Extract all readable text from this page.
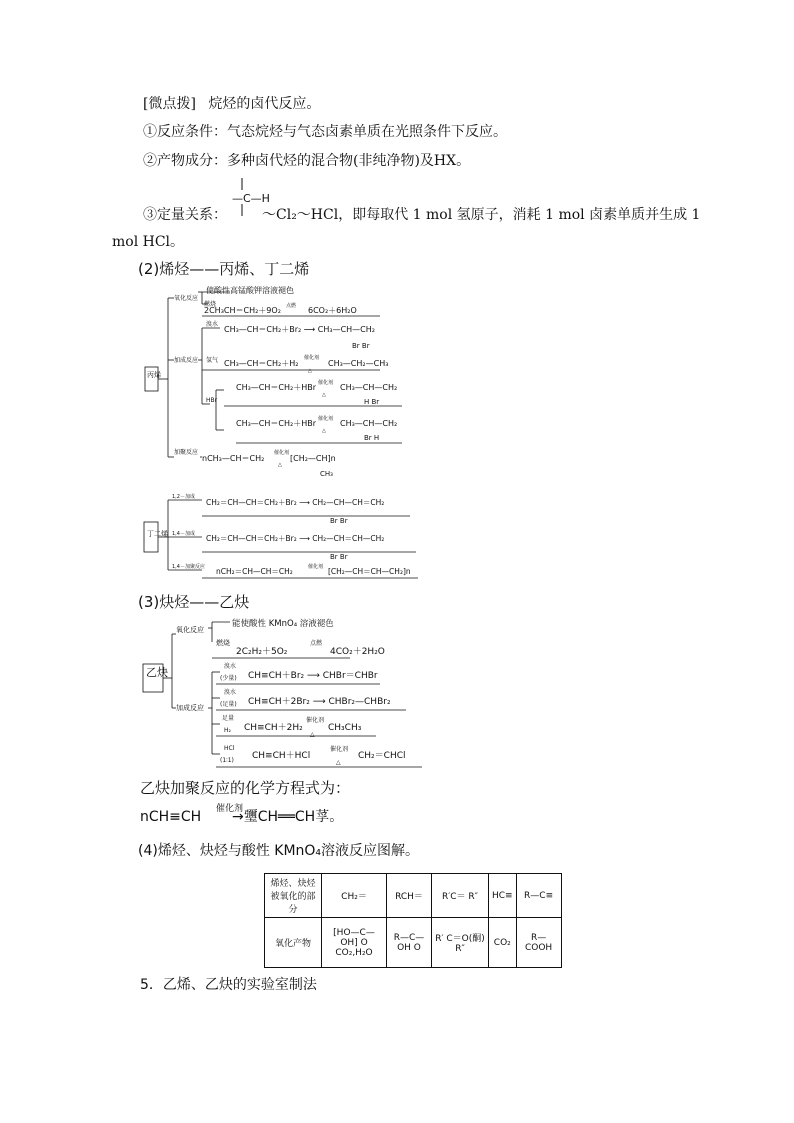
[微点拨] 烷烃的卤代反应。
①反应条件：气态烷烃与气态卤素单质在光照条件下反应。
②产物成分：多种卤代烃的混合物(非纯净物)及HX。
③定量关系：
—C—H
～Cl₂～HCl，即每取代 1 mol 氢原子，消耗 1 mol 卤素单质并生成 1
mol HCl。
(2)烯烃——丙烯、丁二烯
丙烯
氧化反应
使酸性高锰酸钾溶液褪色
燃烧
2CH₃CH＝CH₂＋9O₂ 点燃 6CO₂＋6H₂O
加成反应
溴水
CH₃—CH＝CH₂＋Br₂ ⟶ CH₃—CH—CH₂
Br Br
氢气 CH₃—CH＝CH₂＋H₂
催化剂
△
CH₃—CH₂—CH₃
HBr
CH₃—CH＝CH₂＋HBr 催化剂
△
CH₃—CH—CH₂
H Br
CH₃—CH＝CH₂＋HBr 催化剂
△
CH₃—CH—CH₂
Br H
加聚反应
nCH₃—CH＝CH₂
催化剂
△
[CH₂—CH]n
CH₃
丁二烯
1,2－加成
CH₂＝CH—CH＝CH₂＋Br₂ ⟶ CH₂—CH—CH＝CH₂
Br Br
1,4－加成 CH₂＝CH—CH＝CH₂＋Br₂ ⟶ CH₂—CH＝CH—CH₂
Br Br
1,4－加聚反应 nCH₂＝CH—CH＝CH₂	催化剂 [CH₂—CH＝CH—CH₂]n
(3)炔烃——乙炔
乙炔
氧化反应
能使酸性 KMnO₄ 溶液褪色
燃烧
2C₂H₂＋5O₂
点燃
4CO₂＋2H₂O
加成反应
溴水
(少量) CH≡CH＋Br₂ ⟶ CHBr＝CHBr
溴水
(足量) CH≡CH＋2Br₂ ⟶ CHBr₂—CHBr₂
足量
H₂ CH≡CH＋2H₂
催化剂
△
CH₃CH₃
HCl
(1∶1) CH≡CH＋HCl
催化剂
△
CH₂＝CHCl
乙炔加聚反应的化学方程式为：
nCH≡CH 催化剂
→瓕CH══CH莩。
(4)烯烃、炔烃与酸性 KMnO₄溶液反应图解。
烯烃、炔烃被氧化的部分	CH₂＝	RCH＝	R′C＝ R″	HC≡	R—C≡
氧化产物	[HO—C—OH] O CO₂,H₂O	R—C—OH O	R′ C＝O(酮) R″	CO₂	R—COOH
5．乙烯、乙炔的实验室制法
